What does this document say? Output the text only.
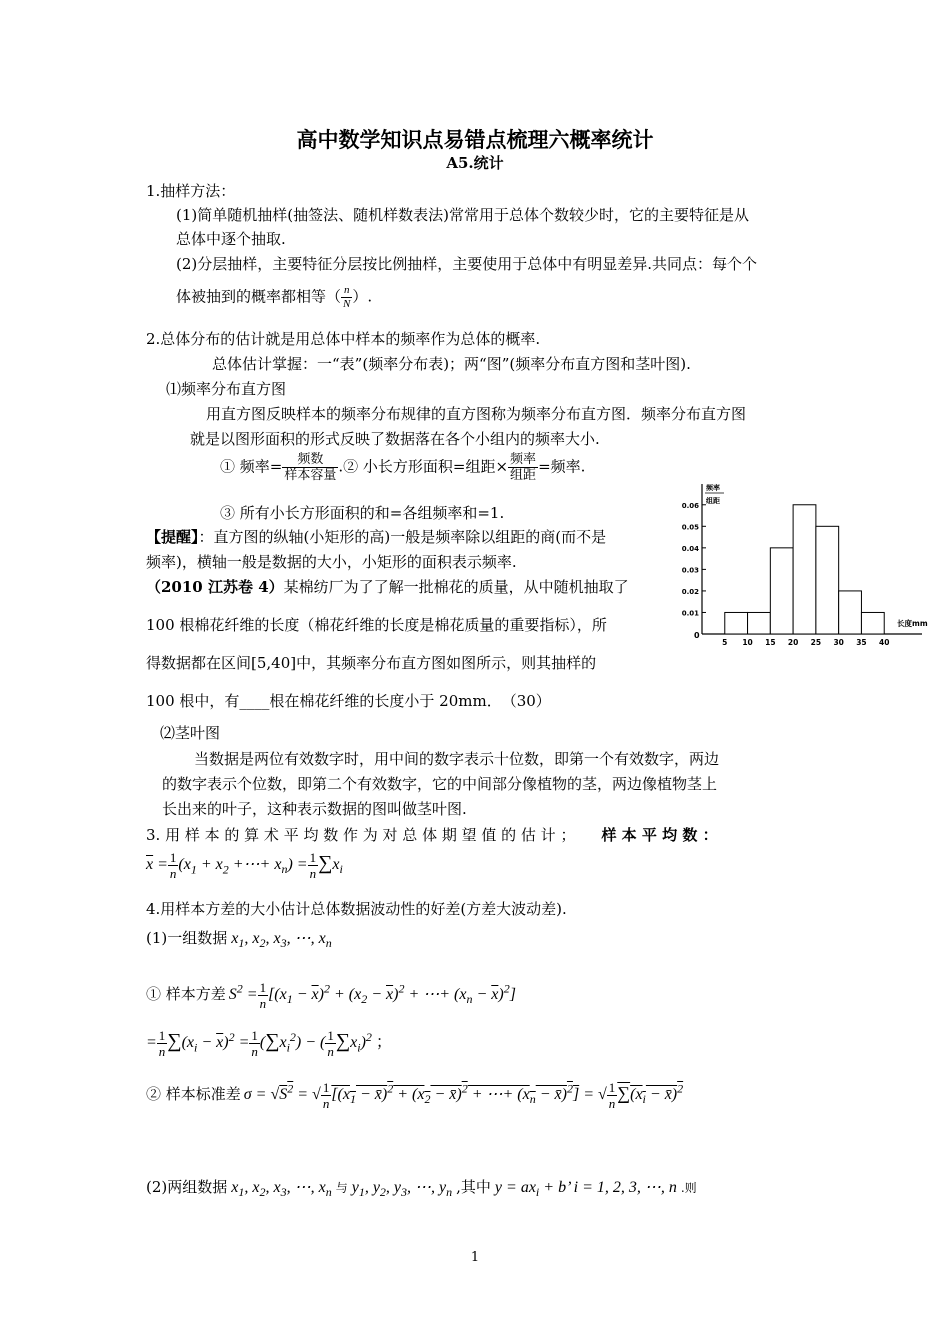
高中数学知识点易错点梳理六概率统计
A5.统计
1.抽样方法：
(1)简单随机抽样(抽签法、随机样数表法)常常用于总体个数较少时，它的主要特征是从
总体中逐个抽取.
(2)分层抽样，主要特征分层按比例抽样，主要使用于总体中有明显差异.共同点：每个个
体被抽到的概率都相等（ $\frac{n}{N}$ ）.
2.总体分布的估计就是用总体中样本的频率作为总体的概率.
总体估计掌握：一“表”(频率分布表)；两“图”(频率分布直方图和茎叶图).
⑴频率分布直方图
用直方图反映样本的频率分布规律的直方图称为频率分布直方图．频率分布直方图
就是以图形面积的形式反映了数据落在各个小组内的频率大小.
① 频率= $\frac{\text{频数}}{\text{样本容量}}$ .② 小长方形面积=组距× $\frac{\text{频率}}{\text{组距}}$ =频率.
③ 所有小长方形面积的和=各组频率和=1.
【提醒】：直方图的纵轴(小矩形的高)一般是频率除以组距的商(而不是
频率)，横轴一般是数据的大小，小矩形的面积表示频率.
（2010 江苏卷 4）某棉纺厂为了了解一批棉花的质量，从中随机抽取了
100 根棉花纤维的长度（棉花纤维的长度是棉花质量的重要指标），所
得数据都在区间[5,40]中，其频率分布直方图如图所示，则其抽样的
100 根中，有____根在棉花纤维的长度小于 20mm．　（30）
0.01
0.02
0.03
0.04
0.05
0.06
5 10 15 20 25 30 35 40
0
频率
组距
长度mm
⑵茎叶图
当数据是两位有效数字时，用中间的数字表示十位数，即第一个有效数字，两边
的数字表示个位数，即第二个有效数字，它的中间部分像植物的茎，两边像植物茎上
长出来的叶子，这种表示数据的图叫做茎叶图.
3. 用 样 本 的 算 术 平 均 数 作 为 对 总 体 期 望 值 的 估 计 ； 样 本 平 均 数 ：
$\overline{x} = \frac{1}{n} (x_1 + x_2$ +⋯+ $x_n) = \frac{1}{n} \sum x_i$
4.用样本方差的大小估计总体数据波动性的好差(方差大波动差).
(1)一组数据 $x_1$, $x_2$, $x_3$, ⋯, $x_n$
① 样本方差 $S^2 = \frac{1}{n} [(x_1 - \overline{x})^2 + (x_2 - \overline{x})^2$ + ⋯+ $(x_n - \overline{x})^2$]
= $\frac{1}{n} \sum(x_i - \overline{x})^2 = \frac{1}{n} (\sum x_i^2)$ − ( $\frac{1}{n} \sum x_i)^2$ ；
② 样本标准差 $\sigma = √S^2$ = √ $\frac{1}{n} [(x_1$ − x̄)$^2$ + ($x_2$ − x̄)$^2$ + ⋯+ ($x_n$ − x̄)$^2$] = √ $\frac{1}{n} \sum(x_i$ − x̄)$^2$
(2)两组数据 $x_1$, $x_2$, $x_3$, ⋯, $x_n$ 与 $y_1$, $y_2$, $y_3$, ⋯, $y_n$ ,其中 $y = ax_i + b$’ i = 1, 2, 3, ⋯, n .则
1
